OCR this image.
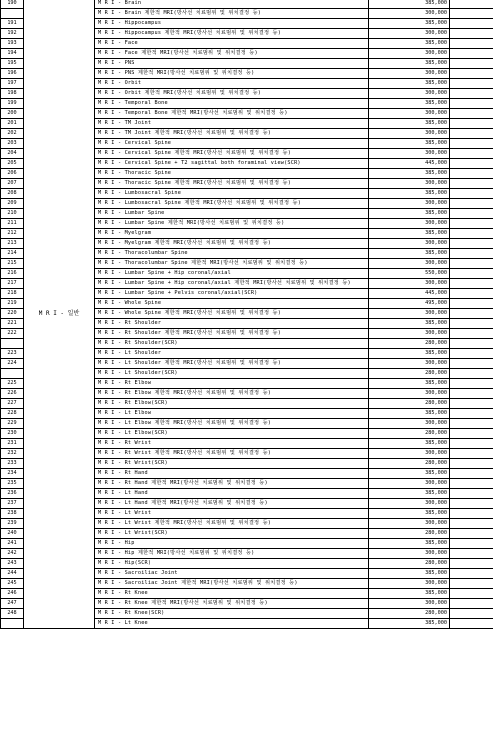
190	M R I - 일반	M R I - Brain	385,000	
		M R I - Brain 제한적 MRI(방사선 치료범위 및 위치결정 등)	300,000	
191		M R I - Hippocampus	385,000	
192		M R I - Hippocampus 제한적 MRI(방사선 치료범위 및 위치결정 등)	300,000	
193		M R I - Face	385,000	
194		M R I - Face 제한적 MRI(방사선 치료범위 및 위치결정 등)	300,000	
195		M R I - PNS	385,000	
196		M R I - PNS 제한적 MRI(방사선 치료범위 및 위치결정 등)	300,000	
197		M R I - Orbit	385,000	
198		M R I - Orbit 제한적 MRI(방사선 치료범위 및 위치결정 등)	300,000	
199		M R I - Temporal Bone	385,000	
200		M R I - Temporal Bone 제한적 MRI(방사선 치료범위 및 위치결정 등)	300,000	
201		M R I - TM Joint	385,000	
202		M R I - TM Joint 제한적 MRI(방사선 치료범위 및 위치결정 등)	300,000	
203		M R I - Cervical Spine	385,000	
204		M R I - Cervical Spine 제한적 MRI(방사선 치료범위 및 위치결정 등)	300,000	
205		M R I - Cervical Spine + T2 sagittal both foraminal view(SCR)	445,000	
206		M R I - Thoracic Spine	385,000	
207		M R I - Thoracic Spine 제한적 MRI(방사선 치료범위 및 위치결정 등)	300,000	
208		M R I - Lumbosacral Spine	385,000	
209		M R I - Lumbosacral Spine 제한적 MRI(방사선 치료범위 및 위치결정 등)	300,000	
210		M R I - Lumbar Spine	385,000	
211		M R I - Lumbar Spine 제한적 MRI(방사선 치료범위 및 위치결정 등)	300,000	
212		M R I - Myelgram	385,000	
213		M R I - Myelgram 제한적 MRI(방사선 치료범위 및 위치결정 등)	300,000	
214		M R I - Thoracolumbar Spine	385,000	
215		M R I - Thoracolumbar Spine 제한적 MRI(방사선 치료범위 및 위치결정 등)	300,000	
216		M R I - Lumbar Spine + Hip coronal/axial	550,000	
217		M R I - Lumbar Spine + Hip coronal/axial 제한적 MRI(방사선 치료범위 및 위치결정 등)	300,000	
218		M R I - Lumbar Spine + Pelvis coronal/axial(SCR)	445,000	
219		M R I - Whole Spine	495,000	
220		M R I - Whole Spine 제한적 MRI(방사선 치료범위 및 위치결정 등)	300,000	
221		M R I - Rt Shoulder	385,000	
222		M R I - Rt Shoulder 제한적 MRI(방사선 치료범위 및 위치결정 등)	300,000	
		M R I - Rt Shoulder(SCR)	280,000	
223		M R I - Lt Shoulder	385,000	
224		M R I - Lt Shoulder 제한적 MRI(방사선 치료범위 및 위치결정 등)	300,000	
		M R I - Lt Shoulder(SCR)	280,000	
225		M R I - Rt Elbow	385,000	
226		M R I - Rt Elbow 제한적 MRI(방사선 치료범위 및 위치결정 등)	300,000	
227		M R I - Rt Elbow(SCR)	280,000	
228		M R I - Lt Elbow	385,000	
229		M R I - Lt Elbow 제한적 MRI(방사선 치료범위 및 위치결정 등)	300,000	
230		M R I - Lt Elbow(SCR)	280,000	
231		M R I - Rt Wrist	385,000	
232		M R I - Rt Wrist 제한적 MRI(방사선 치료범위 및 위치결정 등)	300,000	
233		M R I - Rt Wrist(SCR)	280,000	
234		M R I - Rt Hand	385,000	
235		M R I - Rt Hand 제한적 MRI(방사선 치료범위 및 위치결정 등)	300,000	
236		M R I - Lt Hand	385,000	
237		M R I - Lt Hand 제한적 MRI(방사선 치료범위 및 위치결정 등)	300,000	
238		M R I - Lt Wrist	385,000	
239		M R I - Lt Wrist 제한적 MRI(방사선 치료범위 및 위치결정 등)	300,000	
240		M R I - Lt Wrist(SCR)	280,000	
241		M R I - Hip	385,000	
242		M R I - Hip 제한적 MRI(방사선 치료범위 및 위치결정 등)	300,000	
243		M R I - Hip(SCR)	280,000	
244		M R I - Sacroiliac Joint	385,000	
245		M R I - Sacroiliac Joint 제한적 MRI(방사선 치료범위 및 위치결정 등)	300,000	
246		M R I - Rt Knee	385,000	
247		M R I - Rt Knee 제한적 MRI(방사선 치료범위 및 위치결정 등)	300,000	
248		M R I - Rt Knee(SCR)	280,000	
		M R I - Lt Knee	385,000	
